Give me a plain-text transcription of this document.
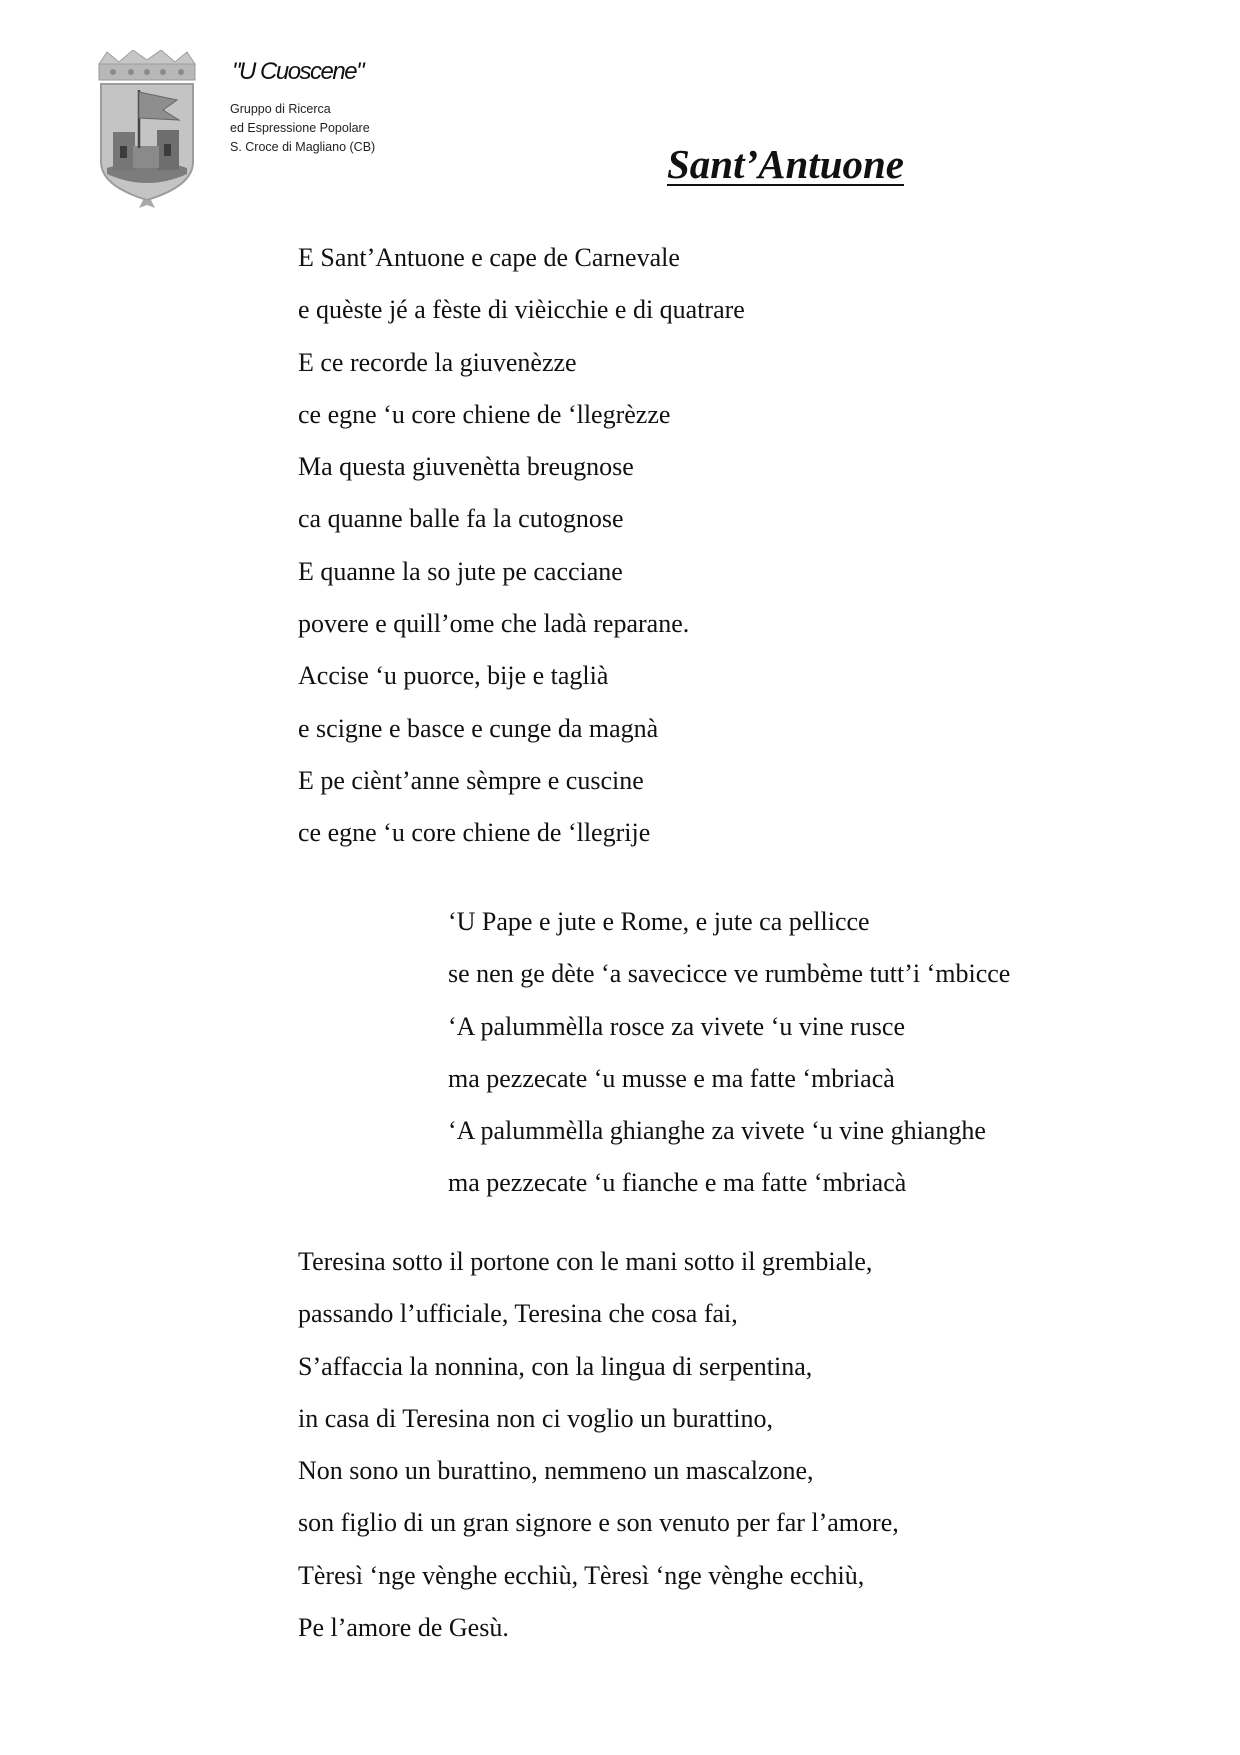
"U Cuoscene"

Gruppo di Ricerca
ed Espressione Popolare
S. Croce di Magliano (CB)	Sant’Antuone
E Sant’Antuone e cape de Carnevale
e quèste jé a fèste di vièicchie e di quatrare
E ce recorde la giuvenèzze
ce egne ‘u core chiene de ‘llegrèzze
Ma questa giuvenètta breugnose
ca quanne balle fa la cutognose
E quanne la so jute pe cacciane
povere e quill’ome che ladà reparane.
Accise ‘u puorce, bije e taglià
e scigne e basce e cunge da magnà
E pe ciènt’anne sèmpre e cuscine
ce egne ‘u core chiene de ‘llegrije
‘U Pape e jute e Rome, e jute ca pellicce
se nen ge dète ‘a savecicce ve rumbème tutt’i ‘mbicce
‘A palummèlla rosce za vivete ‘u vine rusce
ma pezzecate ‘u musse e ma fatte ‘mbriacà
‘A palummèlla ghianghe za vivete ‘u vine ghianghe
ma pezzecate ‘u fianche e ma fatte ‘mbriacà
Teresina sotto il portone con le mani sotto il grembiale,
passando l’ufficiale, Teresina che cosa fai,
S’affaccia la nonnina, con la lingua di serpentina,
in casa di Teresina non ci voglio un burattino,
Non sono un burattino, nemmeno un mascalzone,
son figlio di un gran signore e son venuto per far l’amore,
Tèresì ‘nge vènghe ecchiù, Tèresì ‘nge vènghe ecchiù,
Pe l’amore de Gesù.
